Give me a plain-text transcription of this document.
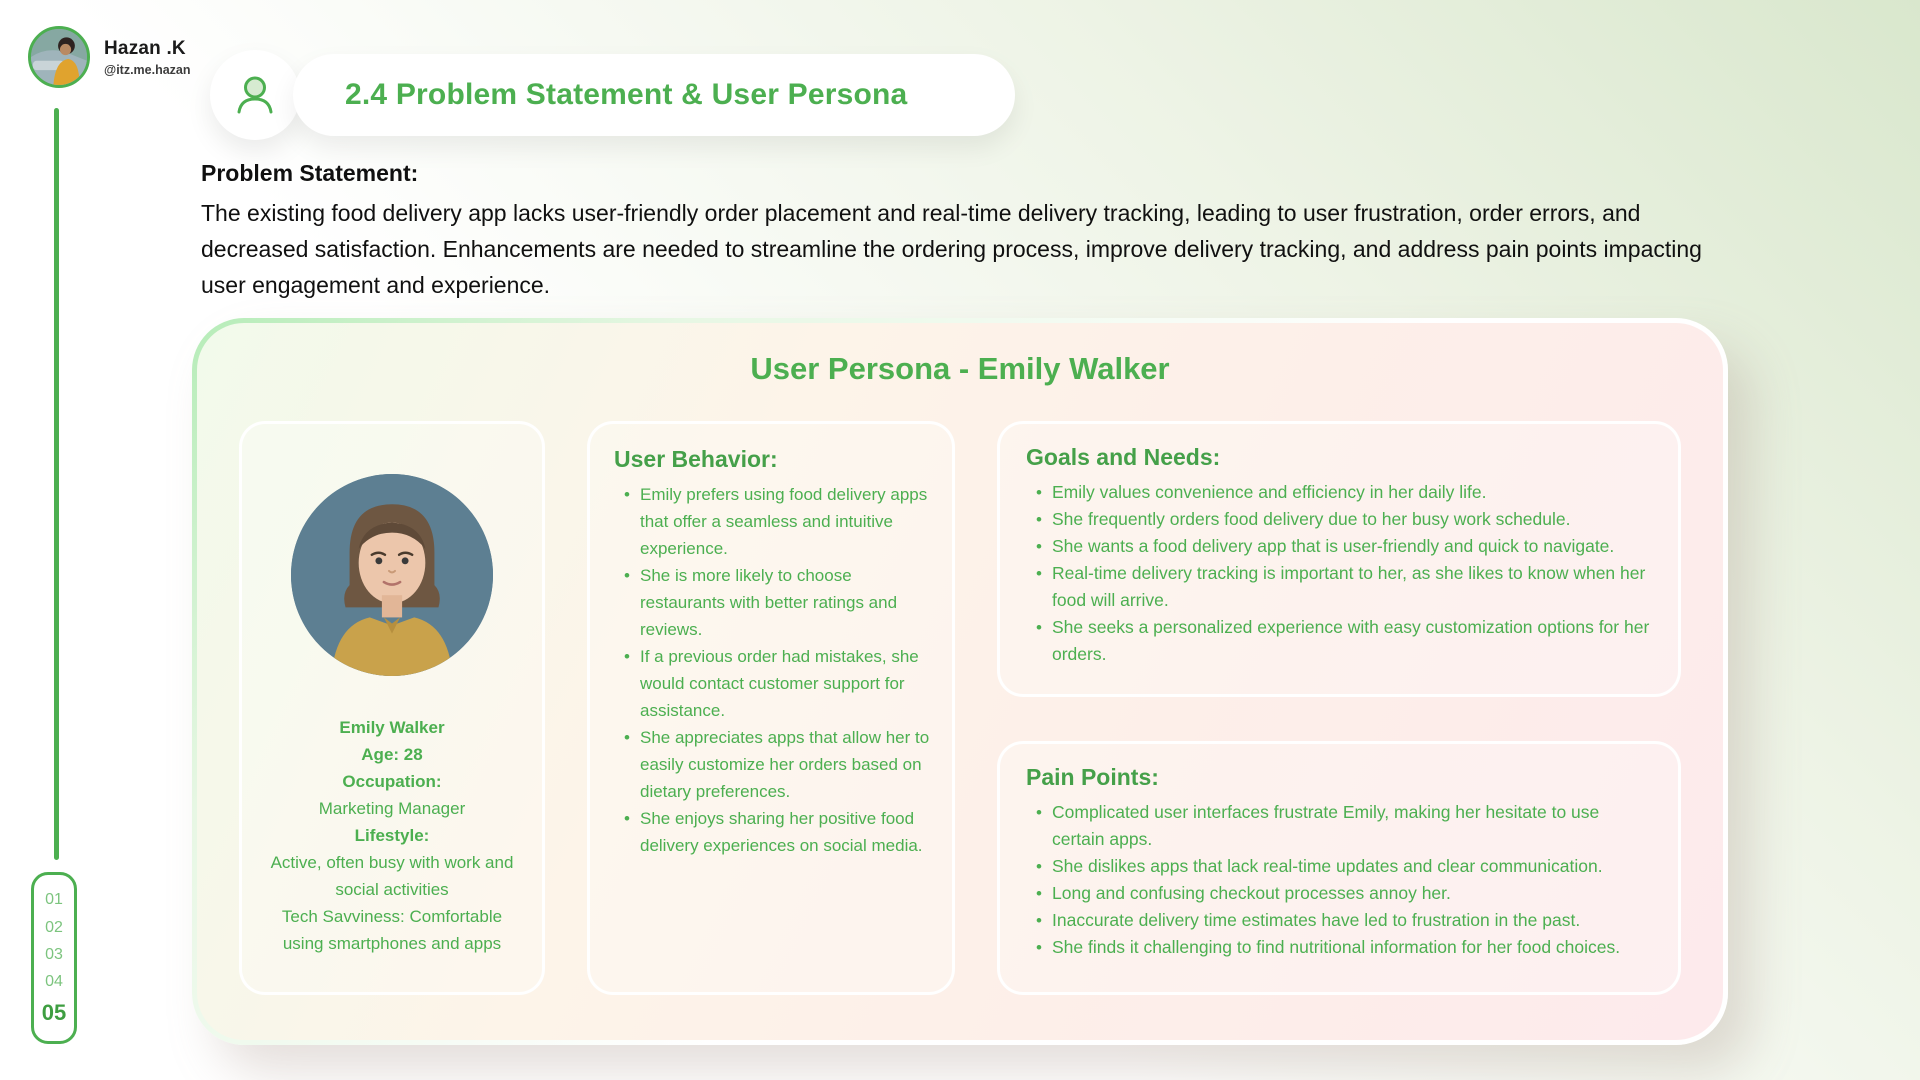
Hazan .K
@itz.me.hazan
01
02
03
04
05
2.4 Problem Statement & User Persona
Problem Statement:
The existing food delivery app lacks user-friendly order placement and real-time delivery tracking, leading to user frustration, order errors, and decreased satisfaction. Enhancements are needed to streamline the ordering process, improve delivery tracking, and address pain points impacting user engagement and experience.
User Persona - Emily Walker
Emily Walker
Age: 28
Occupation:
Marketing Manager
Lifestyle:
Active, often busy with work and social activities
Tech Savviness: Comfortable using smartphones and apps
User Behavior:
• Emily prefers using food delivery apps that offer a seamless and intuitive experience.
• She is more likely to choose restaurants with better ratings and reviews.
• If a previous order had mistakes, she would contact customer support for assistance.
• She appreciates apps that allow her to easily customize her orders based on dietary preferences.
• She enjoys sharing her positive food delivery experiences on social media.
Goals and Needs:
• Emily values convenience and efficiency in her daily life.
• She frequently orders food delivery due to her busy work schedule.
• She wants a food delivery app that is user-friendly and quick to navigate.
• Real-time delivery tracking is important to her, as she likes to know when her food will arrive.
• She seeks a personalized experience with easy customization options for her orders.
Pain Points:
• Complicated user interfaces frustrate Emily, making her hesitate to use certain apps.
• She dislikes apps that lack real-time updates and clear communication.
• Long and confusing checkout processes annoy her.
• Inaccurate delivery time estimates have led to frustration in the past.
• She finds it challenging to find nutritional information for her food choices.
